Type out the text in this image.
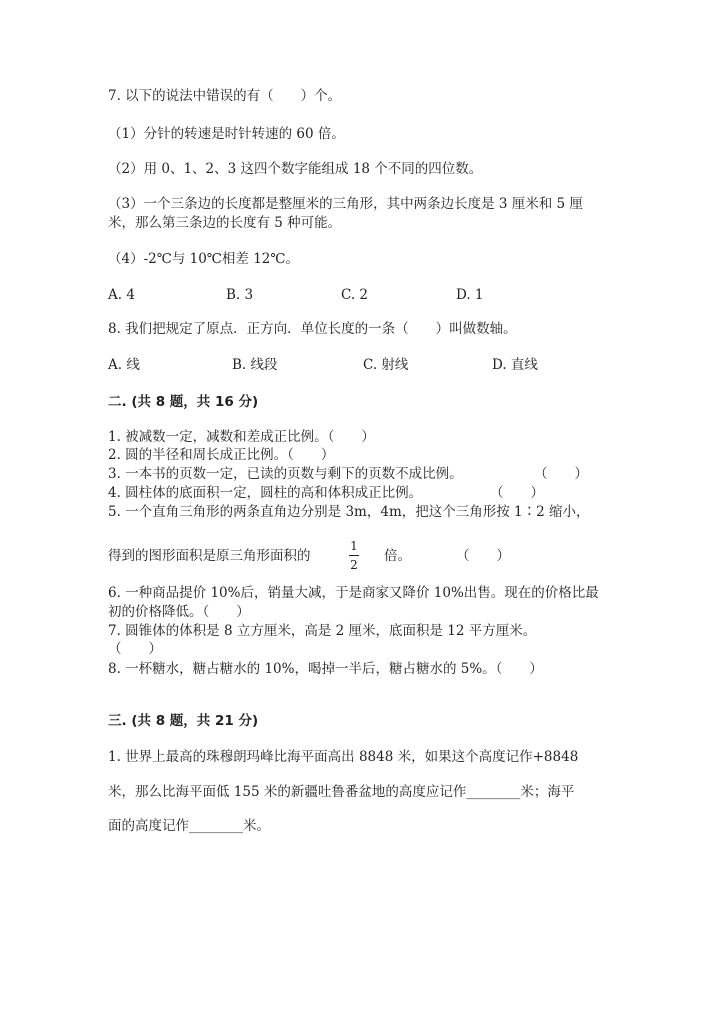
7. 以下的说法中错误的有（　　）个。
（1）分针的转速是时针转速的 60 倍。
（2）用 0、1、2、3 这四个数字能组成 18 个不同的四位数。
（3）一个三条边的长度都是整厘米的三角形，其中两条边长度是 3 厘米和 5 厘
米，那么第三条边的长度有 5 种可能。
（4）-2℃与 10℃相差 12℃。
A. 4	B. 3	C. 2	D. 1
8. 我们把规定了原点．正方向．单位长度的一条（　　）叫做数轴。
A. 线	B. 线段	C. 射线	D. 直线
二. (共 8 题，共 16 分)
1. 被减数一定，减数和差成正比例。（　　）
2. 圆的半径和周长成正比例。（　　）
3. 一本书的页数一定，已读的页数与剩下的页数不成比例。	（　　）
4. 圆柱体的底面积一定，圆柱的高和体积成正比例。	（　　）
5. 一个直角三角形的两条直角边分别是 3m，4m，把这个三角形按 1∶2 缩小，
得到的图形面积是原三角形面积的
1
2
倍。	（　　）
6. 一种商品提价 10%后，销量大减，于是商家又降价 10%出售。现在的价格比最
初的价格降低。（　　）
7. 圆锥体的体积是 8 立方厘米，高是 2 厘米，底面积是 12 平方厘米。
（　　）
8. 一杯糖水，糖占糖水的 10%，喝掉一半后，糖占糖水的 5%。（　　）
三. (共 8 题，共 21 分)
1. 世界上最高的珠穆朗玛峰比海平面高出 8848 米，如果这个高度记作+8848
米，那么比海平面低 155 米的新疆吐鲁番盆地的高度应记作________米；海平
面的高度记作________米。
